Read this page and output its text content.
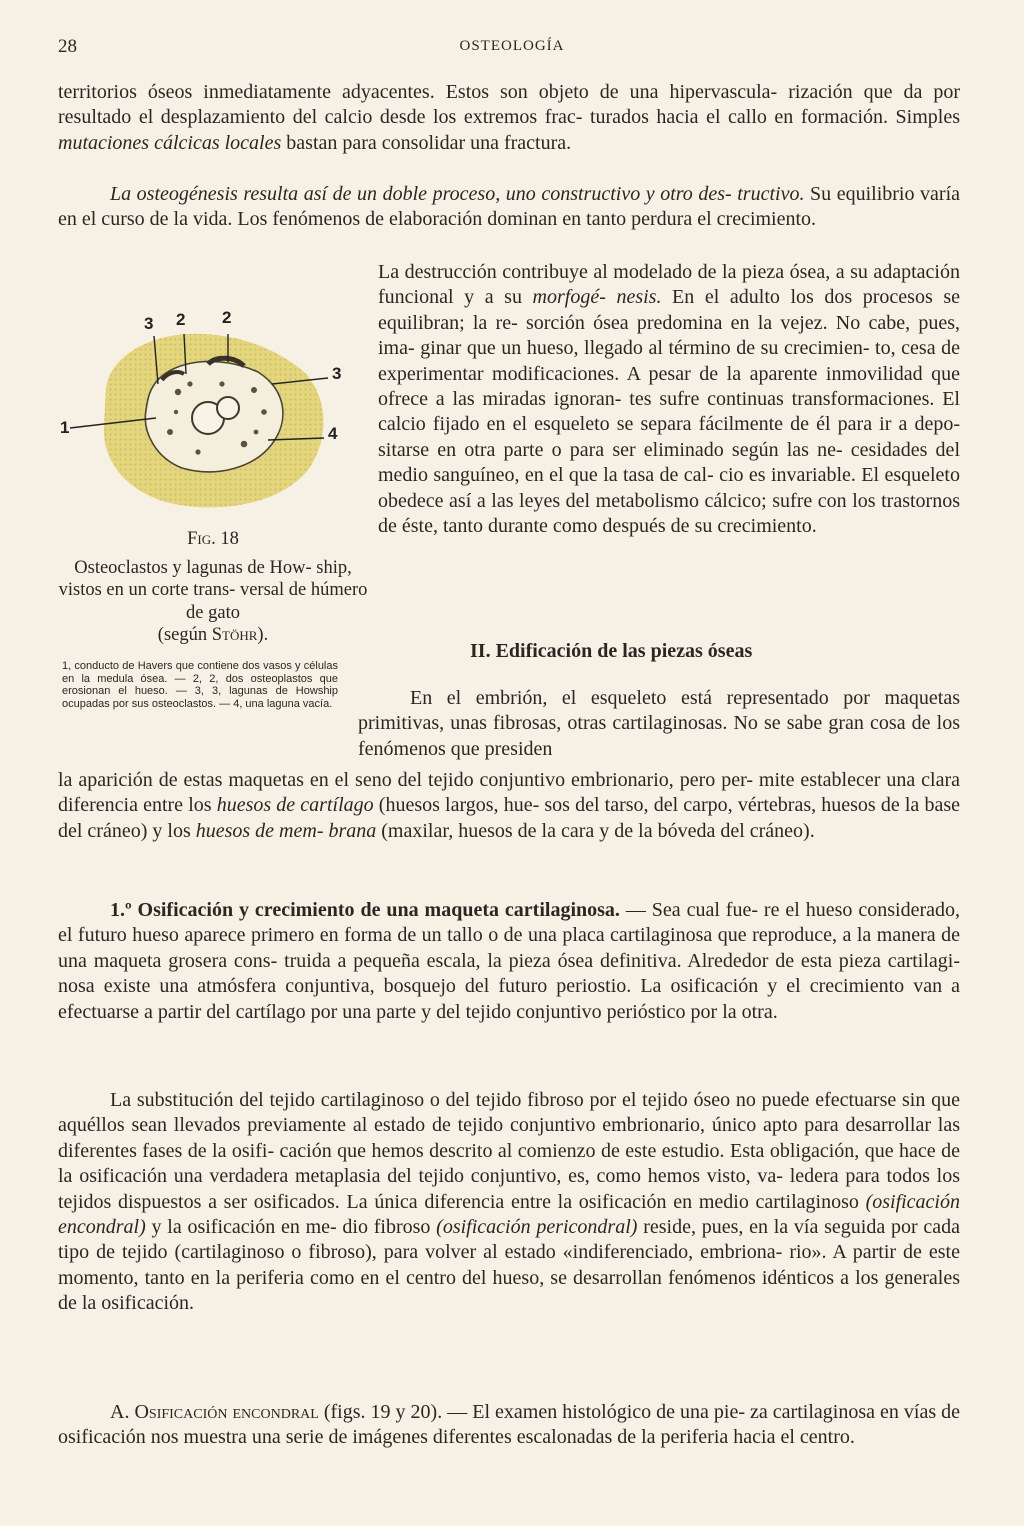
28	OSTEOLOGÍA

territorios óseos inmediatamente adyacentes. Estos son objeto de una hipervascula- rización que da por resultado el desplazamiento del calcio desde los extremos frac- turados hacia el callo en formación. Simples mutaciones cálcicas locales bastan para consolidar una fractura.

La osteogénesis resulta así de un doble proceso, uno constructivo y otro des- tructivo. Su equilibrio varía en el curso de la vida. Los fenómenos de elaboración dominan en tanto perdura el crecimiento.

La destrucción contribuye al modelado de la pieza ósea, a su adaptación funcional y a su morfogé- nesis. En el adulto los dos procesos se equilibran; la re- sorción ósea predomina en la vejez. No cabe, pues, ima- ginar que un hueso, llegado al término de su crecimien- to, cesa de experimentar modificaciones. A pesar de la aparente inmovilidad que ofrece a las miradas ignoran- tes sufre continuas transformaciones. El calcio fijado en el esqueleto se separa fácilmente de él para ir a depo- sitarse en otra parte o para ser eliminado según las ne- cesidades del medio sanguíneo, en el que la tasa de cal- cio es invariable. El esqueleto obedece así a las leyes del metabolismo cálcico; sufre con los trastornos de éste, tanto durante como después de su crecimiento.

3 2 2
3
1	4

Fig. 18

Osteoclastos y lagunas de How- ship, vistos en un corte trans- versal de húmero de gato
(según Stöhr).

1, conducto de Havers que contiene dos vasos y células en la medula ósea. — 2, 2, dos osteoplastos que erosionan el hueso. — 3, 3, lagunas de Howship ocupadas por sus osteoclastos. — 4, una laguna vacía.
II. Edificación de las piezas óseas

En el embrión, el esqueleto está representado por maquetas primitivas, unas fibrosas, otras cartilaginosas. No se sabe gran cosa de los fenómenos que presiden

la aparición de estas maquetas en el seno del tejido conjuntivo embrionario, pero per- mite establecer una clara diferencia entre los huesos de cartílago (huesos largos, hue- sos del tarso, del carpo, vértebras, huesos de la base del cráneo) y los huesos de mem- brana (maxilar, huesos de la cara y de la bóveda del cráneo).

1.º Osificación y crecimiento de una maqueta cartilaginosa. — Sea cual fue- re el hueso considerado, el futuro hueso aparece primero en forma de un tallo o de una placa cartilaginosa que reproduce, a la manera de una maqueta grosera cons- truida a pequeña escala, la pieza ósea definitiva. Alrededor de esta pieza cartilagi- nosa existe una atmósfera conjuntiva, bosquejo del futuro periostio. La osificación y el crecimiento van a efectuarse a partir del cartílago por una parte y del tejido conjuntivo perióstico por la otra.

La substitución del tejido cartilaginoso o del tejido fibroso por el tejido óseo no puede efectuarse sin que aquéllos sean llevados previamente al estado de tejido conjuntivo embrionario, único apto para desarrollar las diferentes fases de la osifi- cación que hemos descrito al comienzo de este estudio. Esta obligación, que hace de la osificación una verdadera metaplasia del tejido conjuntivo, es, como hemos visto, va- ledera para todos los tejidos dispuestos a ser osificados. La única diferencia entre la osificación en medio cartilaginoso (osificación encondral) y la osificación en me- dio fibroso (osificación pericondral) reside, pues, en la vía seguida por cada tipo de tejido (cartilaginoso o fibroso), para volver al estado «indiferenciado, embriona- rio». A partir de este momento, tanto en la periferia como en el centro del hueso, se desarrollan fenómenos idénticos a los generales de la osificación.

A. Osificación encondral (figs. 19 y 20). — El examen histológico de una pie- za cartilaginosa en vías de osificación nos muestra una serie de imágenes diferentes escalonadas de la periferia hacia el centro.
